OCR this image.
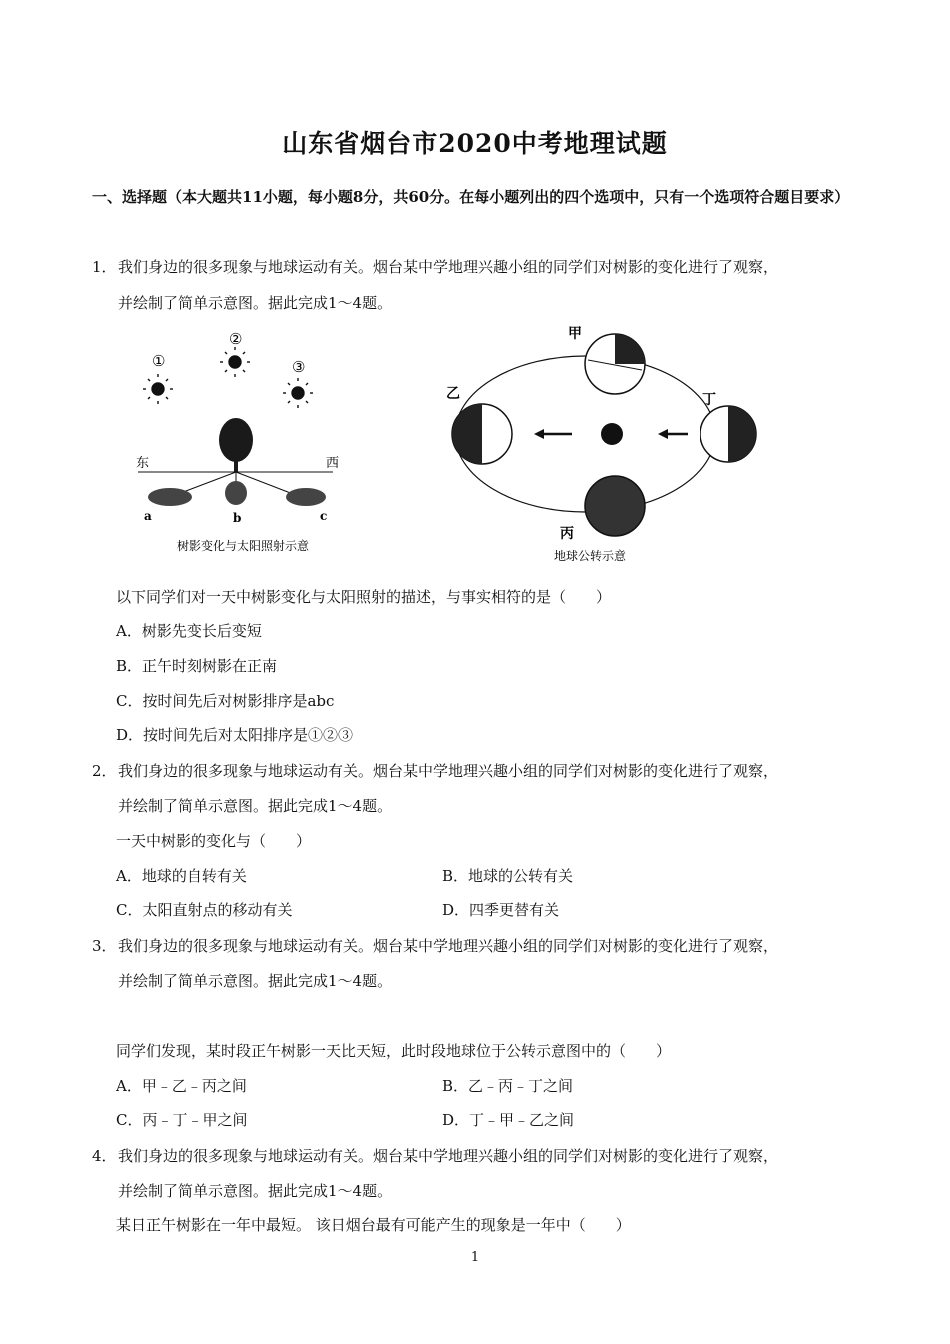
山东省烟台市2020中考地理试题
一、选择题（本大题共11小题，每小题8分，共60分。在每小题列出的四个选项中，只有一个选项符合题目要求）
1． 我们身边的很多现象与地球运动有关。烟台某中学地理兴趣小组的同学们对树影的变化进行了观察，
并绘制了简单示意图。据此完成1～4题。
①
②
③
东	西
a	b	c
树影变化与太阳照射示意
甲
乙
丙
丁
地球公转示意
以下同学们对一天中树影变化与太阳照射的描述，与事实相符的是（　　）
A．树影先变长后变短
B．正午时刻树影在正南
C．按时间先后对树影排序是abc
D．按时间先后对太阳排序是①②③
2． 我们身边的很多现象与地球运动有关。烟台某中学地理兴趣小组的同学们对树影的变化进行了观察，
并绘制了简单示意图。据此完成1～4题。
一天中树影的变化与（　　）
A．地球的自转有关	B．地球的公转有关
C．太阳直射点的移动有关	D．四季更替有关
3． 我们身边的很多现象与地球运动有关。烟台某中学地理兴趣小组的同学们对树影的变化进行了观察，
并绘制了简单示意图。据此完成1～4题。
同学们发现，某时段正午树影一天比天短，此时段地球位于公转示意图中的（　　）
A．甲﹣乙﹣丙之间	B．乙﹣丙﹣丁之间
C．丙﹣丁﹣甲之间	D．丁﹣甲﹣乙之间
4． 我们身边的很多现象与地球运动有关。烟台某中学地理兴趣小组的同学们对树影的变化进行了观察，
并绘制了简单示意图。据此完成1～4题。
某日正午树影在一年中最短。 该日烟台最有可能产生的现象是一年中（　　）
1
